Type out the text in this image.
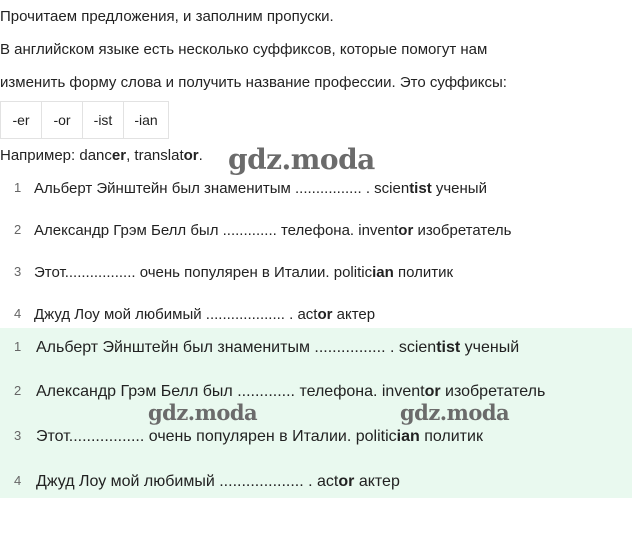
Прочитаем предложения, и заполним пропуски.
В английском языке есть несколько суффиксов, которые помогут нам
изменить форму слова и получить название профессии. Это суффиксы:
-er	-or	-ist	-ian
Например: dancer, translator.
1 Альберт Эйнштейн был знаменитым ................ . scientist ученый
2 Александр Грэм Белл был ............. телефона. inventor изобретатель
3 Этот................. очень популярен в Италии. politician политик
4 Джуд Лоу мой любимый ................... . actor актер
1 Альберт Эйнштейн был знаменитым ................ . scientist ученый
2 Александр Грэм Белл был ............. телефона. inventor изобретатель
3 Этот................. очень популярен в Италии. politician политик
4 Джуд Лоу мой любимый ................... . actor актер
gdz.moda
gdz.moda	gdz.moda
